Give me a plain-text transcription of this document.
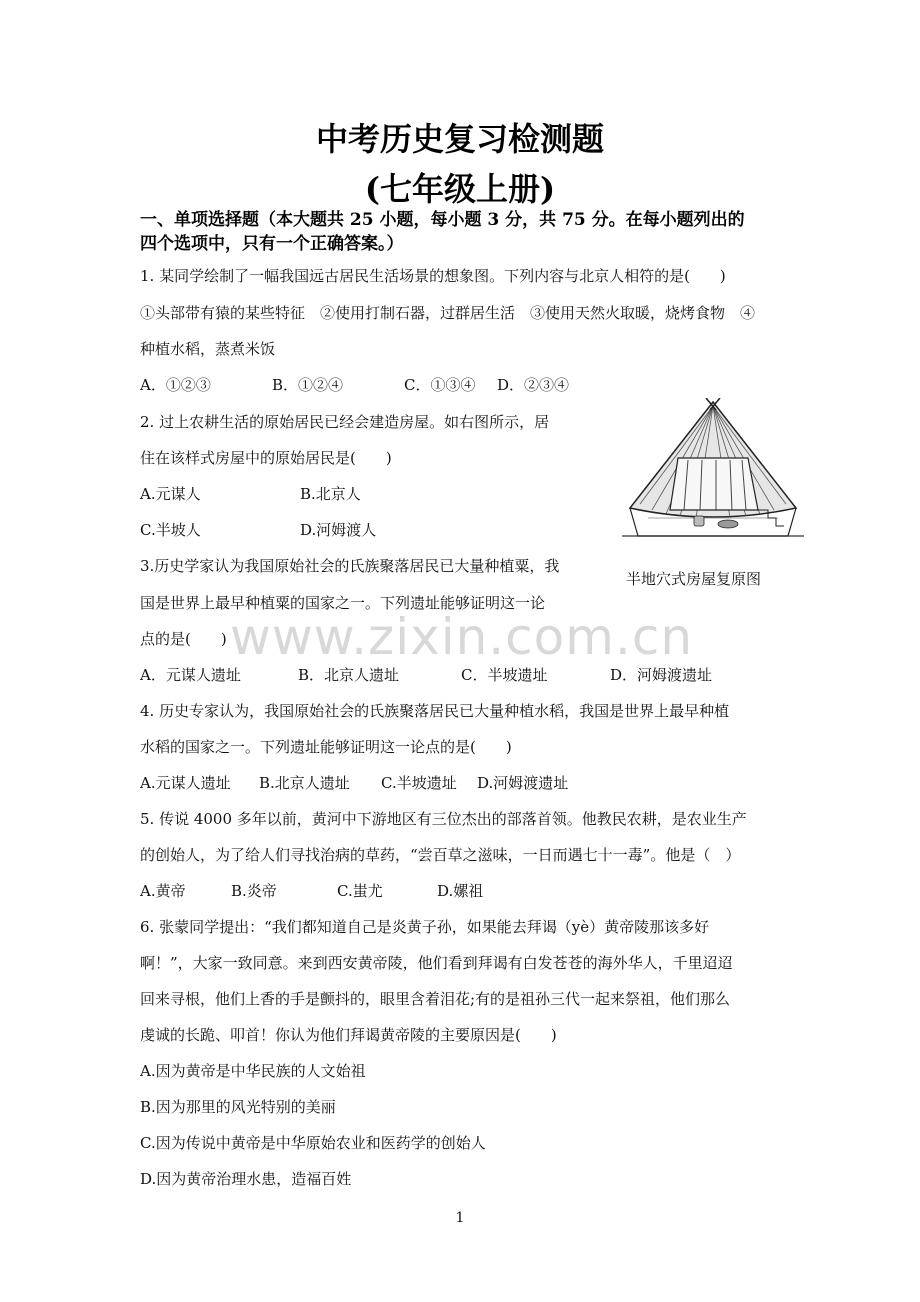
中考历史复习检测题
(七年级上册)
一、单项选择题（本大题共 25 小题，每小题 3 分，共 75 分。在每小题列出的
四个选项中，只有一个正确答案。）
1. 某同学绘制了一幅我国远古居民生活场景的想象图。下列内容与北京人相符的是(　　)
①头部带有猿的某些特征　②使用打制石器，过群居生活　③使用天然火取暖，烧烤食物　④
种植水稻，蒸煮米饭
A．①②③	B．①②④	C．①③④ D．②③④
2. 过上农耕生活的原始居民已经会建造房屋。如右图所示，居
住在该样式房屋中的原始居民是(　　)
A.元谋人	B.北京人
C.半坡人	D.河姆渡人
半地穴式房屋复原图
3.历史学家认为我国原始社会的氏族聚落居民已大量种植粟，我
国是世界上最早种植粟的国家之一。下列遗址能够证明这一论
点的是(　　) www.zixin.com.cn
A．元谋人遗址	B．北京人遗址	C．半坡遗址	D．河姆渡遗址
4. 历史专家认为，我国原始社会的氏族聚落居民已大量种植水稻，我国是世界上最早种植
水稻的国家之一。下列遗址能够证明这一论点的是(　　)
A.元谋人遗址 B.北京人遗址 C.半坡遗址 D.河姆渡遗址
5. 传说 4000 多年以前，黄河中下游地区有三位杰出的部落首领。他教民农耕，是农业生产
的创始人，为了给人们寻找治病的草药，“尝百草之滋味，一日而遇七十一毒”。他是（　）
A.黄帝	B.炎帝	C.蚩尤	D.嫘祖
6. 张蒙同学提出：“我们都知道自己是炎黄子孙，如果能去拜谒（yè）黄帝陵那该多好
啊！”，大家一致同意。来到西安黄帝陵，他们看到拜谒有白发苍苍的海外华人，千里迢迢
回来寻根，他们上香的手是颤抖的，眼里含着泪花;有的是祖孙三代一起来祭祖，他们那么
虔诚的长跪、叩首！你认为他们拜谒黄帝陵的主要原因是(　　)
A.因为黄帝是中华民族的人文始祖
B.因为那里的风光特别的美丽
C.因为传说中黄帝是中华原始农业和医药学的创始人
D.因为黄帝治理水患，造福百姓
1
